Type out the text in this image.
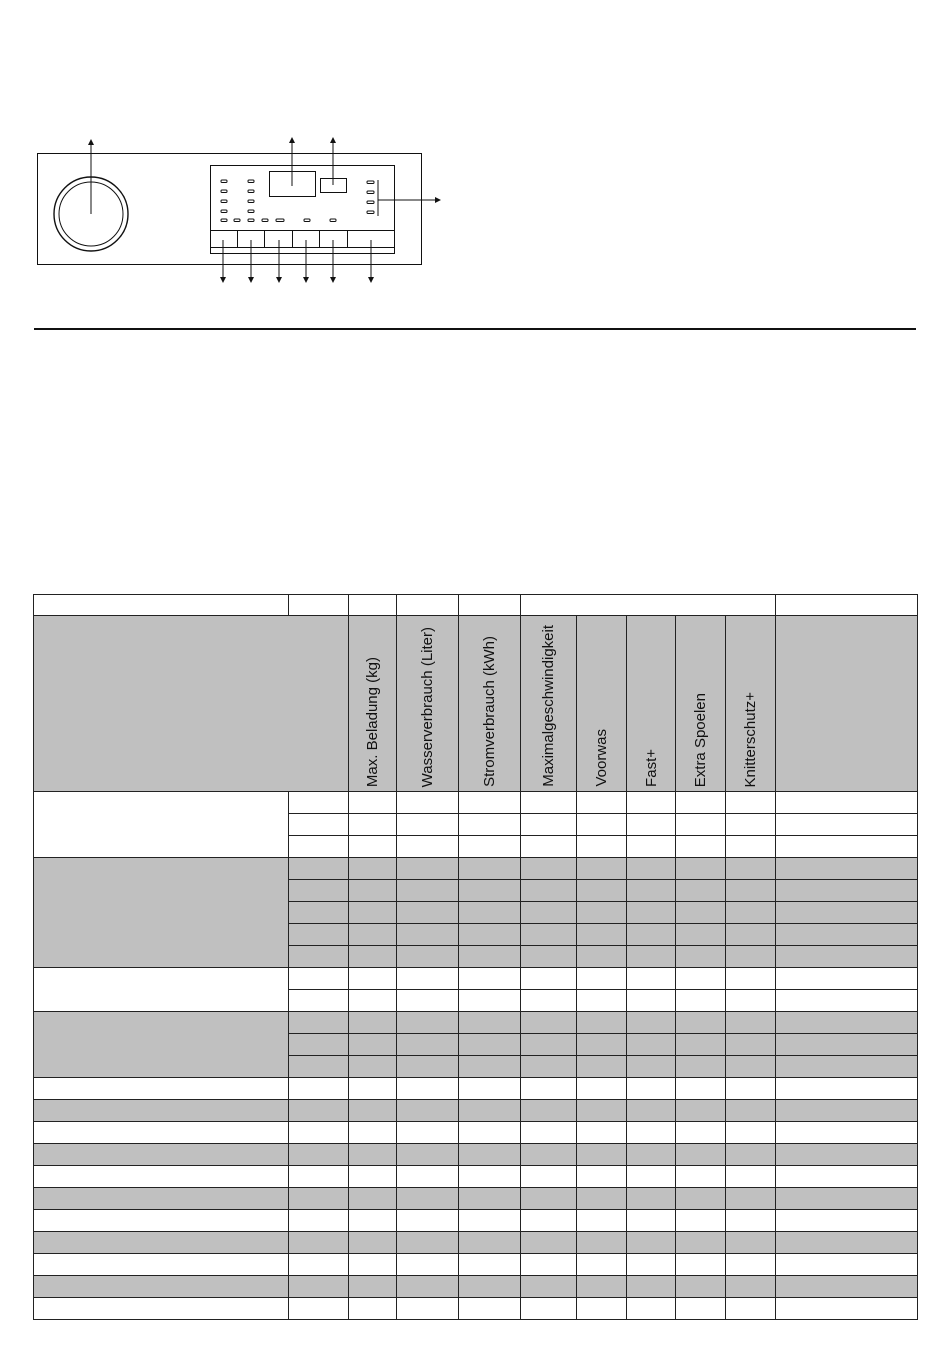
		Max. Beladung (kg)	Wasserverbrauch (Liter)	Stromverbrauch (kWh)	Maximalgeschwindigkeit	Voorwas	Fast+	Extra Spoelen	Knitterschutz+	
